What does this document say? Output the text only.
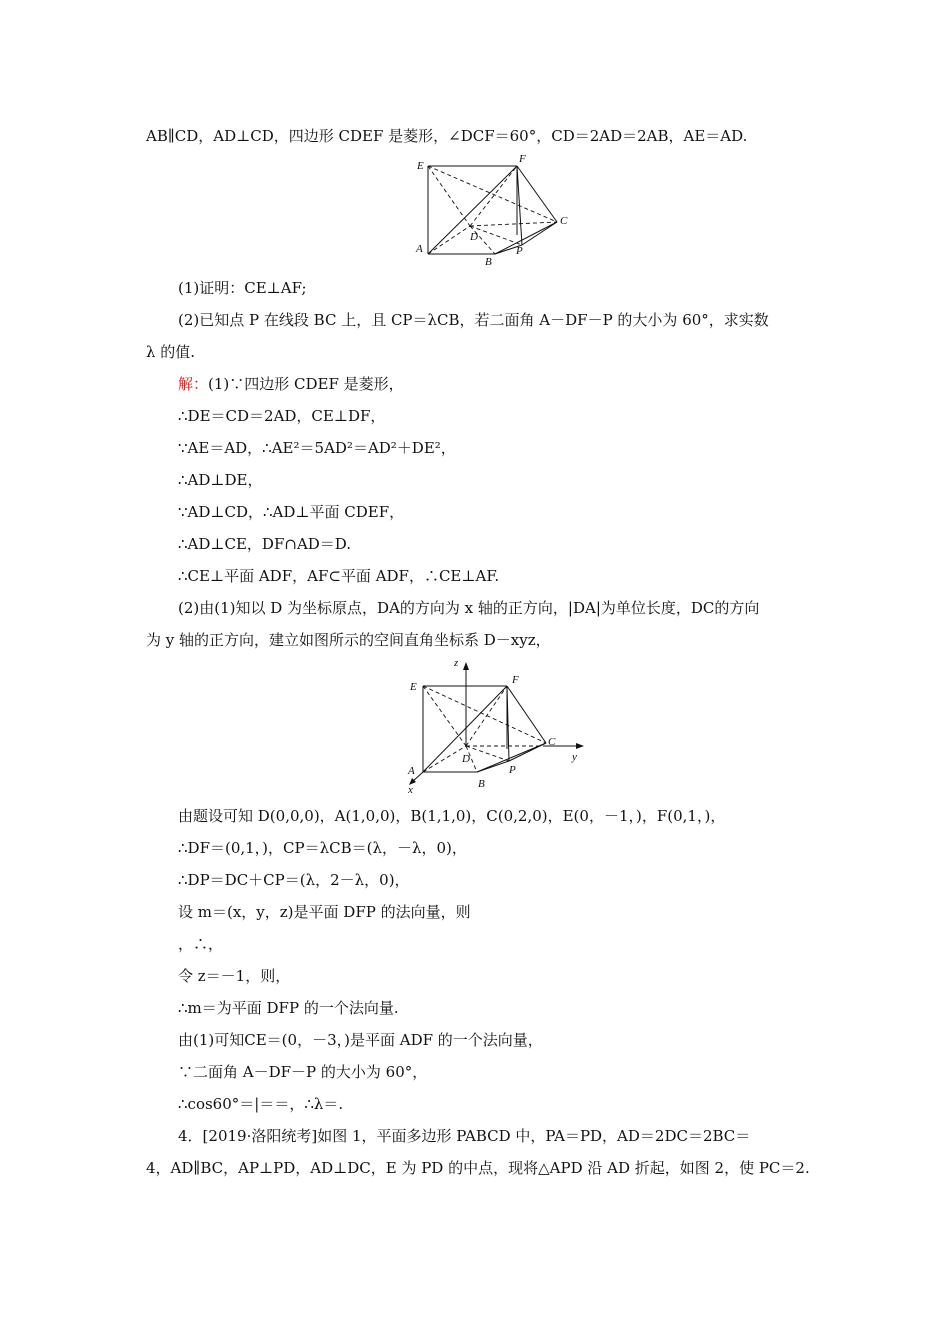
AB∥CD，AD⊥CD，四边形 CDEF 是菱形，∠DCF＝60°，CD＝2AD＝2AB，AE＝AD.
E
F
C
D
A
B
P
(1)证明：CE⊥AF;
(2)已知点 P 在线段 BC 上，且 CP＝λCB，若二面角 A－DF－P 的大小为 60°，求实数
λ 的值.
解：(1)∵四边形 CDEF 是菱形，
∴DE＝CD＝2AD，CE⊥DF，
∵AE＝AD，∴AE²＝5AD²＝AD²＋DE²，
∴AD⊥DE，
∵AD⊥CD，∴AD⊥平面 CDEF，
∴AD⊥CE，DF∩AD＝D.
∴CE⊥平面 ADF，AF⊂平面 ADF，∴CE⊥AF.
(2)由(1)知以 D 为坐标原点，DA的方向为 x 轴的正方向，|DA|为单位长度，DC的方向
为 y 轴的正方向，建立如图所示的空间直角坐标系 D－xyz，
z
E
F
C
y
D
A
B
P
x
由题设可知 D(0,0,0)，A(1,0,0)，B(1,1,0)，C(0,2,0)，E(0，－1，)，F(0,1，)，
∴DF＝(0,1，)，CP＝λCB＝(λ，－λ，0)，
∴DP＝DC＋CP＝(λ，2－λ，0)，
设 m＝(x，y，z)是平面 DFP 的法向量，则
，∴，
令 z＝－1，则，
∴m＝为平面 DFP 的一个法向量.
由(1)可知CE＝(0，－3，)是平面 ADF 的一个法向量，
∵二面角 A－DF－P 的大小为 60°，
∴cos60°＝|＝＝，∴λ＝.
4．[2019·洛阳统考]如图 1，平面多边形 PABCD 中，PA＝PD，AD＝2DC＝2BC＝
4，AD∥BC，AP⊥PD，AD⊥DC，E 为 PD 的中点，现将△APD 沿 AD 折起，如图 2，使 PC＝2.
